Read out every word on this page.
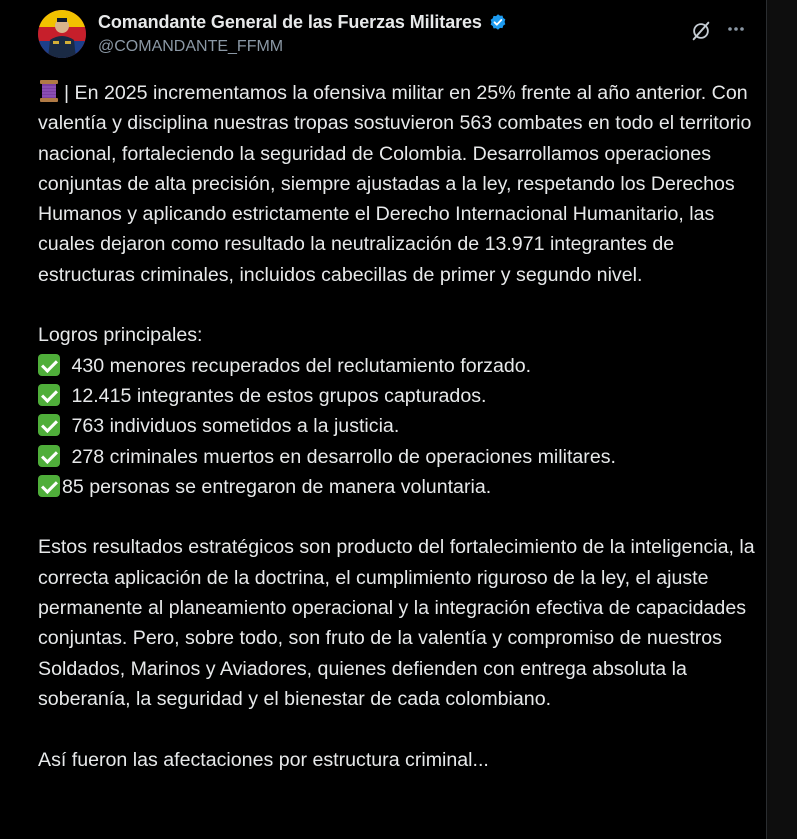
Comandante General de las Fuerzas Militares
@COMANDANTE_FFMM

| En 2025 incrementamos la ofensiva militar en 25% frente al año anterior. Con valentía y disciplina nuestras tropas sostuvieron 563 combates en todo el territorio nacional, fortaleciendo la seguridad de Colombia. Desarrollamos operaciones conjuntas de alta precisión, siempre ajustadas a la ley, respetando los Derechos Humanos y aplicando estrictamente el Derecho Internacional Humanitario, las cuales dejaron como resultado la neutralización de 13.971 integrantes de estructuras criminales, incluidos cabecillas de primer y segundo nivel.

Logros principales:

430 menores recuperados del reclutamiento forzado.

12.415 integrantes de estos grupos capturados.

763 individuos sometidos a la justicia.

278 criminales muertos en desarrollo de operaciones militares.

85 personas se entregaron de manera voluntaria.

Estos resultados estratégicos son producto del fortalecimiento de la inteligencia, la correcta aplicación de la doctrina, el cumplimiento riguroso de la ley, el ajuste permanente al planeamiento operacional y la integración efectiva de capacidades conjuntas. Pero, sobre todo, son fruto de la valentía y compromiso de nuestros Soldados, Marinos y Aviadores, quienes defienden con entrega absoluta la soberanía, la seguridad y el bienestar de cada colombiano.

Así fueron las afectaciones por estructura criminal...
